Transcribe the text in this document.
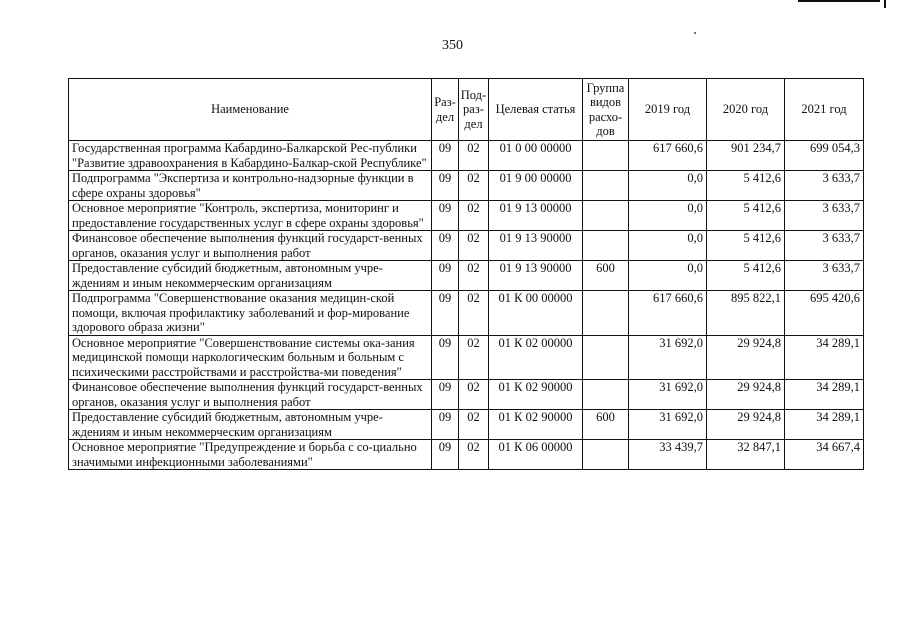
350
Наименование	Раз-дел	Под-раз-дел	Целевая статья	Группа видов расхо-дов	2019 год	2020 год	2021 год
Государственная программа Кабардино-Балкарской Рес-публики "Развитие здравоохранения в Кабардино-Балкар-ской Республике"	09	02	01 0 00 00000		617 660,6	901 234,7	699 054,3
Подпрограмма "Экспертиза и контрольно-надзорные функции в сфере охраны здоровья"	09	02	01 9 00 00000		0,0	5 412,6	3 633,7
Основное мероприятие "Контроль, экспертиза, мониторинг и предоставление государственных услуг в сфере охраны здоровья"	09	02	01 9 13 00000		0,0	5 412,6	3 633,7
Финансовое обеспечение выполнения функций государст-венных органов, оказания услуг и выполнения работ	09	02	01 9 13 90000		0,0	5 412,6	3 633,7
Предоставление субсидий бюджетным, автономным учре-ждениям и иным некоммерческим организациям	09	02	01 9 13 90000	600	0,0	5 412,6	3 633,7
Подпрограмма "Совершенствование оказания медицин-ской помощи, включая профилактику заболеваний и фор-мирование здорового образа жизни"	09	02	01 К 00 00000		617 660,6	895 822,1	695 420,6
Основное мероприятие "Совершенствование системы ока-зания медицинской помощи наркологическим больным и больным с психическими расстройствами и расстройства-ми поведения"	09	02	01 К 02 00000		31 692,0	29 924,8	34 289,1
Финансовое обеспечение выполнения функций государст-венных органов, оказания услуг и выполнения работ	09	02	01 К 02 90000		31 692,0	29 924,8	34 289,1
Предоставление субсидий бюджетным, автономным учре-ждениям и иным некоммерческим организациям	09	02	01 К 02 90000	600	31 692,0	29 924,8	34 289,1
Основное мероприятие "Предупреждение и борьба с со-циально значимыми инфекционными заболеваниями"	09	02	01 К 06 00000		33 439,7	32 847,1	34 667,4
